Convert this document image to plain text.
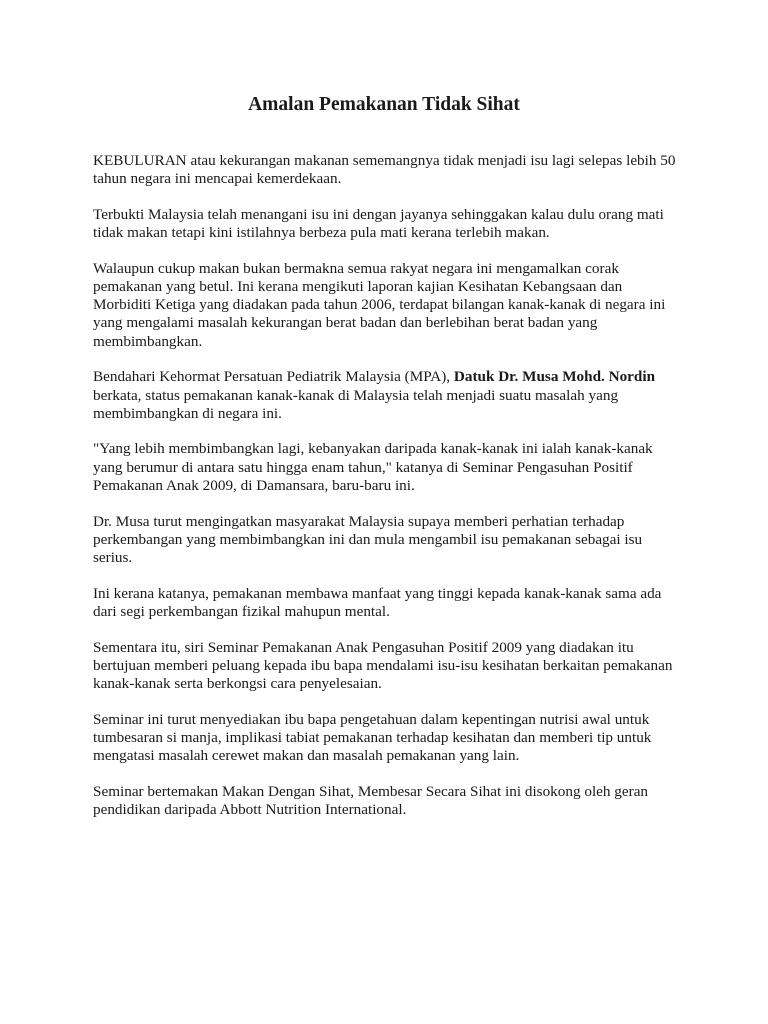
Amalan Pemakanan Tidak Sihat

KEBULURAN atau kekurangan makanan sememangnya tidak menjadi isu lagi selepas lebih 50 tahun negara ini mencapai kemerdekaan.

Terbukti Malaysia telah menangani isu ini dengan jayanya sehinggakan kalau dulu orang mati tidak makan tetapi kini istilahnya berbeza pula mati kerana terlebih makan.

Walaupun cukup makan bukan bermakna semua rakyat negara ini mengamalkan corak pemakanan yang betul. Ini kerana mengikuti laporan kajian Kesihatan Kebangsaan dan Morbiditi Ketiga yang diadakan pada tahun 2006, terdapat bilangan kanak-kanak di negara ini yang mengalami masalah kekurangan berat badan dan berlebihan berat badan yang membimbangkan.

Bendahari Kehormat Persatuan Pediatrik Malaysia (MPA), Datuk Dr. Musa Mohd. Nordin berkata, status pemakanan kanak-kanak di Malaysia telah menjadi suatu masalah yang membimbangkan di negara ini.

"Yang lebih membimbangkan lagi, kebanyakan daripada kanak-kanak ini ialah kanak-kanak yang berumur di antara satu hingga enam tahun," katanya di Seminar Pengasuhan Positif Pemakanan Anak 2009, di Damansara, baru-baru ini.

Dr. Musa turut mengingatkan masyarakat Malaysia supaya memberi perhatian terhadap perkembangan yang membimbangkan ini dan mula mengambil isu pemakanan sebagai isu serius.

Ini kerana katanya, pemakanan membawa manfaat yang tinggi kepada kanak-kanak sama ada dari segi perkembangan fizikal mahupun mental.

Sementara itu, siri Seminar Pemakanan Anak Pengasuhan Positif 2009 yang diadakan itu bertujuan memberi peluang kepada ibu bapa mendalami isu-isu kesihatan berkaitan pemakanan kanak-kanak serta berkongsi cara penyelesaian.

Seminar ini turut menyediakan ibu bapa pengetahuan dalam kepentingan nutrisi awal untuk tumbesaran si manja, implikasi tabiat pemakanan terhadap kesihatan dan memberi tip untuk mengatasi masalah cerewet makan dan masalah pemakanan yang lain.

Seminar bertemakan Makan Dengan Sihat, Membesar Secara Sihat ini disokong oleh geran pendidikan daripada Abbott Nutrition International.
